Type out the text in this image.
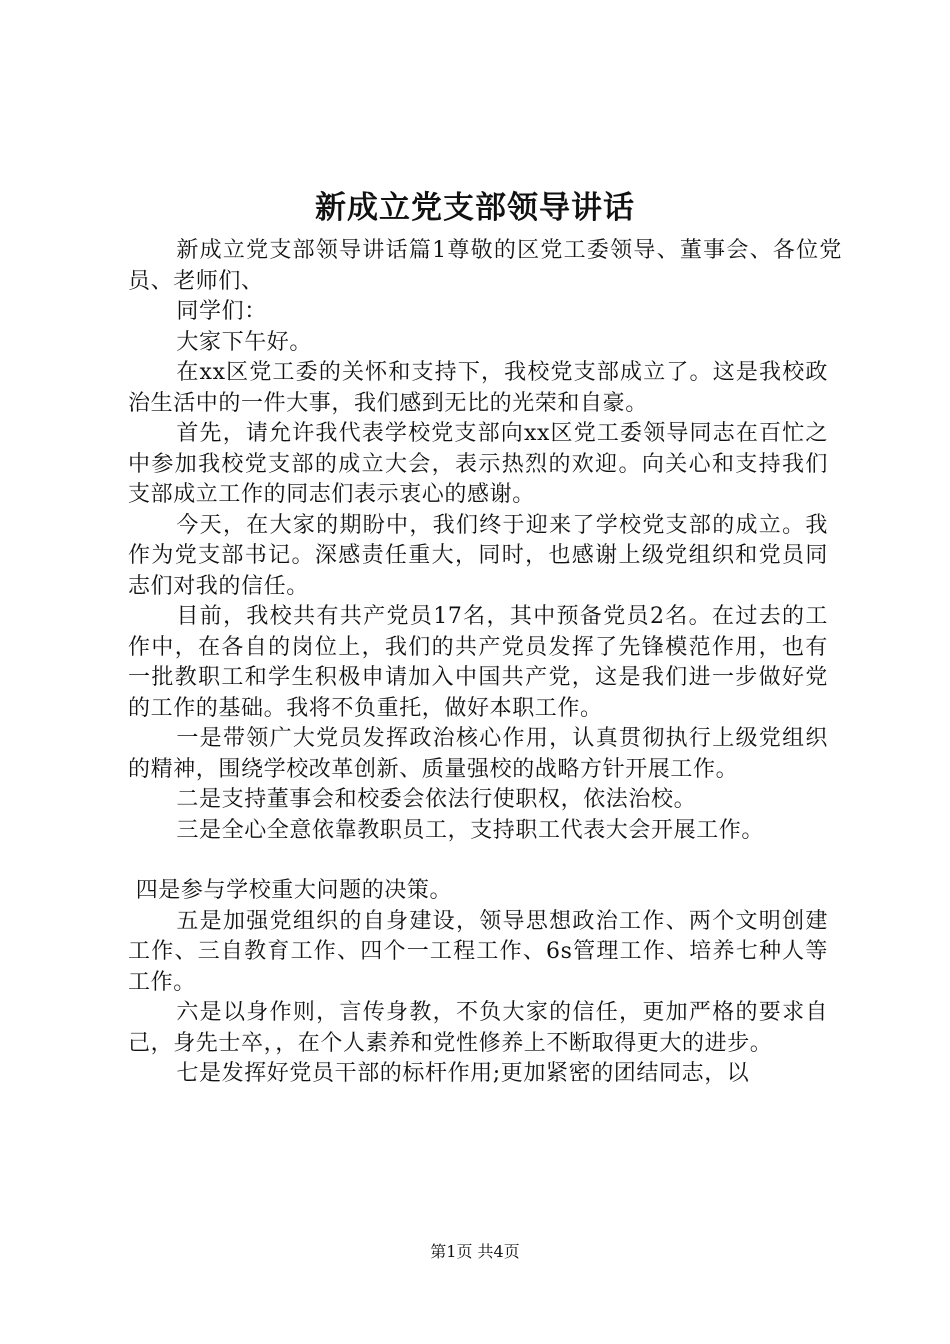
新成立党支部领导讲话

新成立党支部领导讲话篇1尊敬的区党工委领导、董事会、各位党员、老师们、

同学们：

大家下午好。

在xx区党工委的关怀和支持下，我校党支部成立了。这是我校政治生活中的一件大事，我们感到无比的光荣和自豪。

首先，请允许我代表学校党支部向xx区党工委领导同志在百忙之中参加我校党支部的成立大会，表示热烈的欢迎。向关心和支持我们支部成立工作的同志们表示衷心的感谢。

今天，在大家的期盼中，我们终于迎来了学校党支部的成立。我作为党支部书记。深感责任重大，同时，也感谢上级党组织和党员同志们对我的信任。

目前，我校共有共产党员17名，其中预备党员2名。在过去的工作中，在各自的岗位上，我们的共产党员发挥了先锋模范作用，也有一批教职工和学生积极申请加入中国共产党，这是我们进一步做好党的工作的基础。我将不负重托，做好本职工作。

一是带领广大党员发挥政治核心作用，认真贯彻执行上级党组织的精神，围绕学校改革创新、质量强校的战略方针开展工作。

二是支持董事会和校委会依法行使职权，依法治校。

三是全心全意依靠教职员工，支持职工代表大会开展工作。

四是参与学校重大问题的决策。

五是加强党组织的自身建设，领导思想政治工作、两个文明创建工作、三自教育工作、四个一工程工作、6s管理工作、培养七种人等工作。

六是以身作则，言传身教，不负大家的信任，更加严格的要求自己，身先士卒，，在个人素养和党性修养上不断取得更大的进步。

七是发挥好党员干部的标杆作用;更加紧密的团结同志，以

第1页 共4页
